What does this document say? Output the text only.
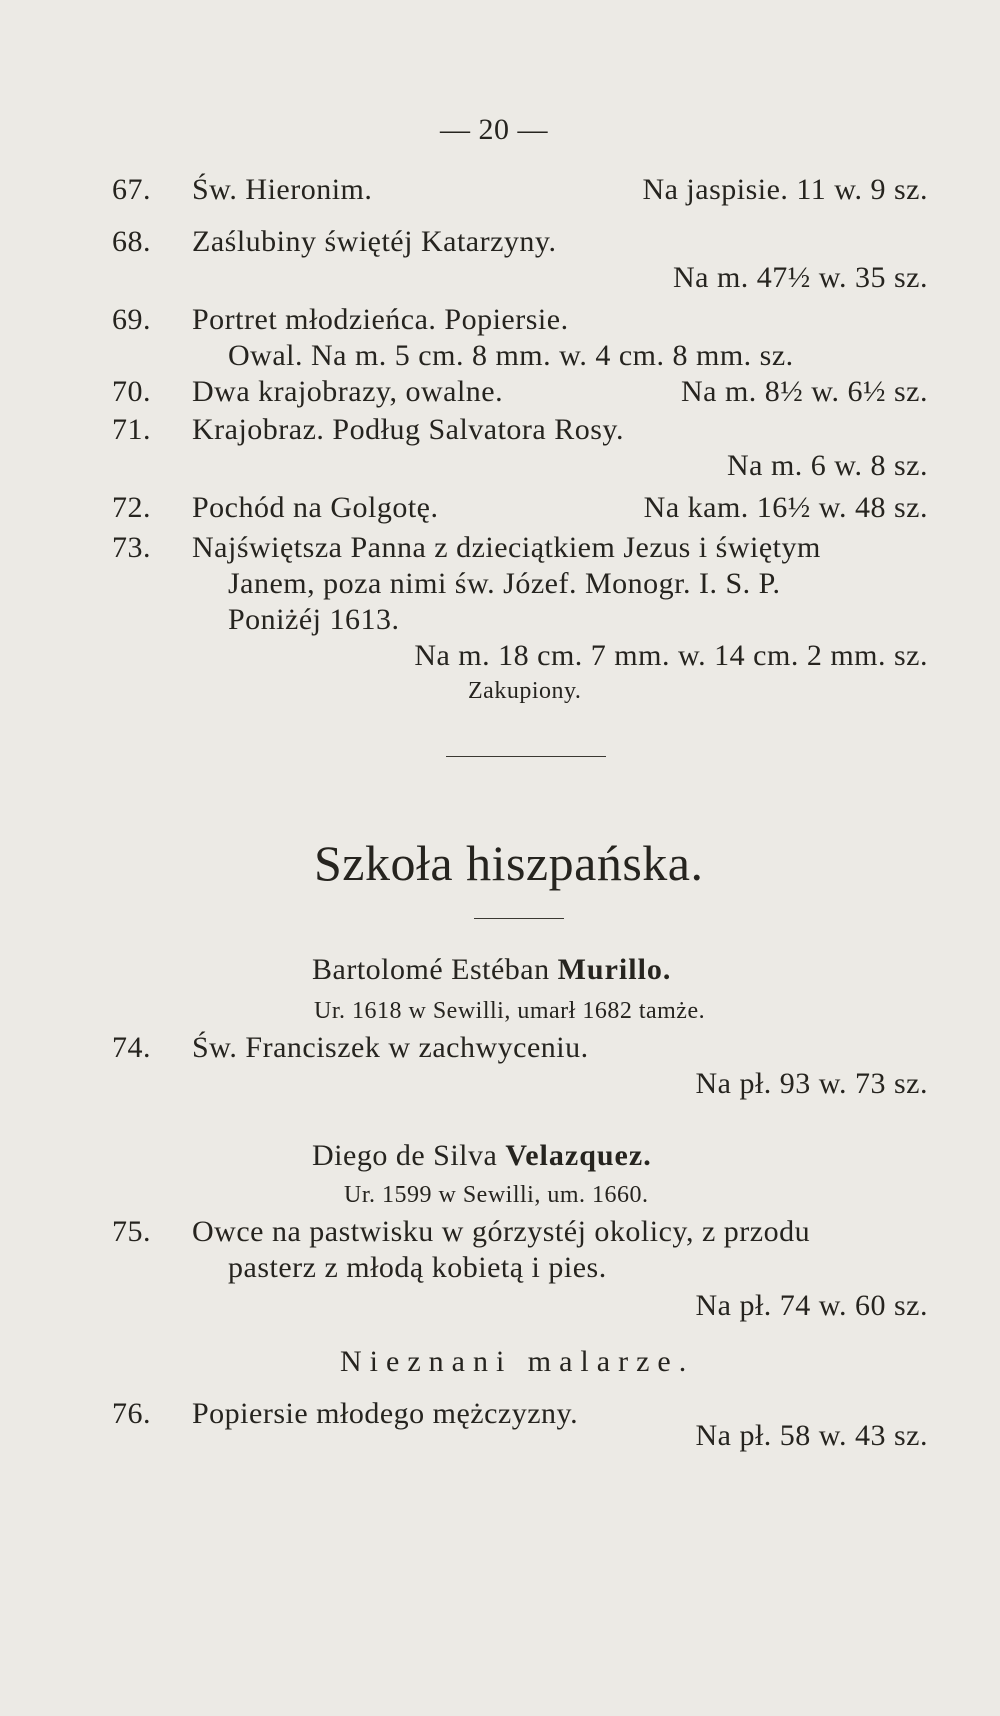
— 20 —
67. Św. Hieronim.	Na jaspisie. 11 w. 9 sz.
68. Zaślubiny świętéj Katarzyny.
Na m. 47½ w. 35 sz.
69. Portret młodzieńca. Popiersie.
Owal. Na m. 5 cm. 8 mm. w. 4 cm. 8 mm. sz.
70. Dwa krajobrazy, owalne.	Na m. 8½ w. 6½ sz.
71. Krajobraz. Podług Salvatora Rosy.
Na m. 6 w. 8 sz.
72. Pochód na Golgotę.	Na kam. 16½ w. 48 sz.
73. Najświętsza Panna z dzieciątkiem Jezus i świętym
Janem, poza nimi św. Józef. Monogr. I. S. P.
Poniżéj 1613.
Na m. 18 cm. 7 mm. w. 14 cm. 2 mm. sz.
Zakupiony.
Szkoła hiszpańska.
Bartolomé Estéban Murillo.
Ur. 1618 w Sewilli, umarł 1682 tamże.
74. Św. Franciszek w zachwyceniu.
Na pł. 93 w. 73 sz.
Diego de Silva Velazquez.
Ur. 1599 w Sewilli, um. 1660.
75. Owce na pastwisku w górzystéj okolicy, z przodu
pasterz z młodą kobietą i pies.
Na pł. 74 w. 60 sz.
Nieznani malarze.
76. Popiersie młodego mężczyzny.
Na pł. 58 w. 43 sz.
